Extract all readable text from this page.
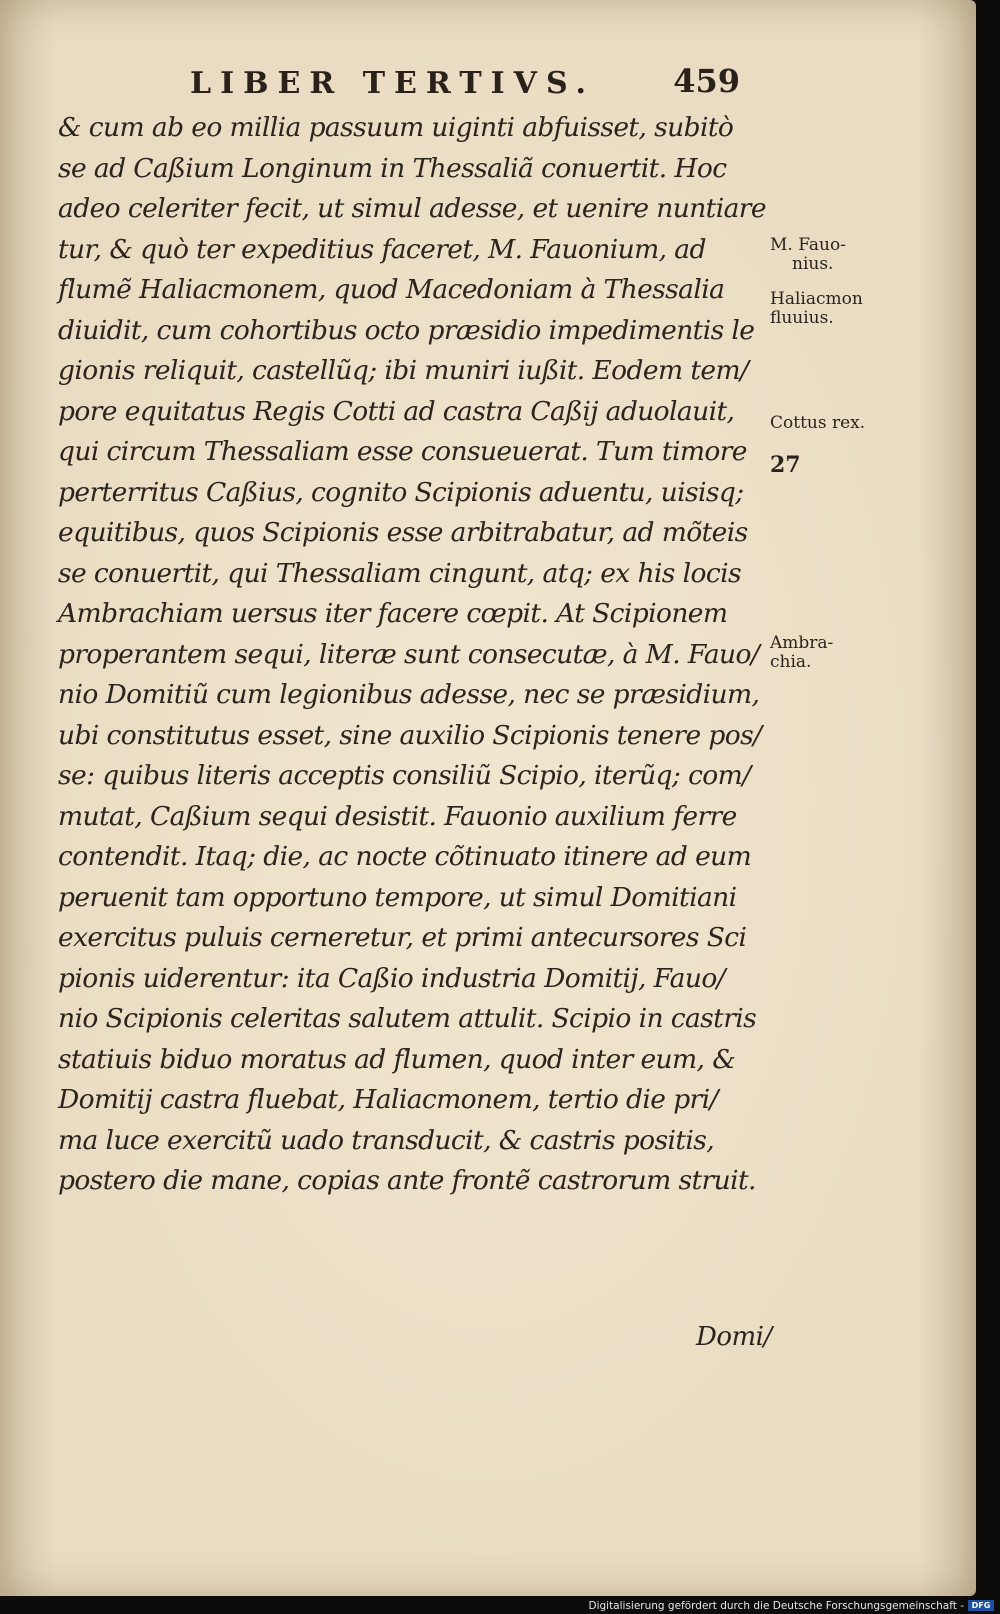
LIBER TERTIVS. 459
& cum ab eo millia passuum uiginti abfuisset, subitò
se ad Caßium Longinum in Thessaliã conuertit. Hoc
adeo celeriter fecit, ut simul adesse, et uenire nuntiare
tur, & quò ter expeditius faceret, M. Fauonium, ad
flumẽ Haliacmonem, quod Macedoniam à Thessalia
diuidit, cum cohortibus octo præsidio impedimentis le
gionis reliquit, castellũq; ibi muniri iußit. Eodem tem/
pore equitatus Regis Cotti ad castra Caßij aduolauit,
qui circum Thessaliam esse consueuerat. Tum timore
perterritus Caßius, cognito Scipionis aduentu, uisisq;
equitibus, quos Scipionis esse arbitrabatur, ad mõteis
se conuertit, qui Thessaliam cingunt, atq; ex his locis
Ambrachiam uersus iter facere cœpit. At Scipionem
properantem sequi, literæ sunt consecutæ, à M. Fauo/
nio Domitiũ cum legionibus adesse, nec se præsidium,
ubi constitutus esset, sine auxilio Scipionis tenere pos/
se: quibus literis acceptis consiliũ Scipio, iterũq; com/
mutat, Caßium sequi desistit. Fauonio auxilium ferre
contendit. Itaq; die, ac nocte cõtinuato itinere ad eum
peruenit tam opportuno tempore, ut simul Domitiani
exercitus puluis cerneretur, et primi antecursores Sci
pionis uiderentur: ita Caßio industria Domitij, Fauo/
nio Scipionis celeritas salutem attulit. Scipio in castris
statiuis biduo moratus ad flumen, quod inter eum, &
Domitij castra fluebat, Haliacmonem, tertio die pri/
ma luce exercitũ uado transducit, & castris positis,
postero die mane, copias ante frontẽ castrorum struit.
Domi/
M. Fauo-
nius.
Haliacmon
fluuius.
Cottus rex.
27
Ambra-
chia.
Digitalisierung gefördert durch die Deutsche Forschungsgemeinschaft - DFG
